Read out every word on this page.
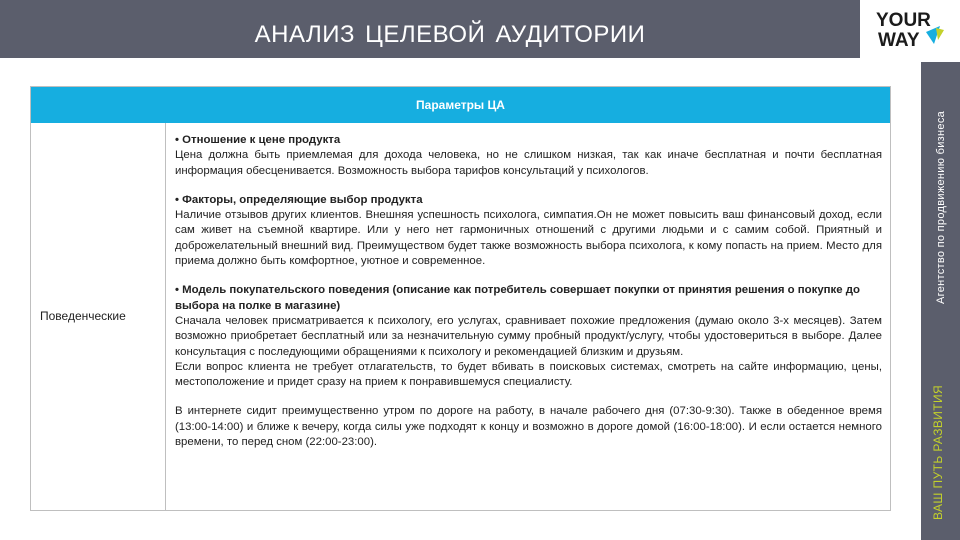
АНАЛИЗ ЦЕЛЕВОЙ АУДИТОРИИ
YOUR
WAY
ВАШ ПУТЬ РАЗВИТИЯ
Агентство по продвижению бизнеса
Параметры ЦА
Поведенческие
• Отношение к цене продукта
Цена должна быть приемлемая для дохода человека, но не слишком низкая, так как иначе бесплатная и почти бесплатная информация обесценивается. Возможность выбора тарифов консультаций у психологов.
• Факторы, определяющие выбор продукта
Наличие отзывов других клиентов. Внешняя успешность психолога, симпатия.Он не может повысить ваш финансовый доход, если сам живет на съемной квартире. Или у него нет гармоничных отношений с другими людьми и с самим собой. Приятный и доброжелательный внешний вид. Преимуществом будет также возможность выбора психолога, к кому попасть на прием. Место для приема должно быть комфортное, уютное и современное.
• Модель покупательского поведения (описание как потребитель совершает покупки от принятия решения о покупке до выбора на полке в магазине)
Сначала человек присматривается к психологу, его услугах, сравнивает похожие предложения (думаю около 3-х месяцев). Затем возможно приобретает бесплатный или за незначительную сумму пробный продукт/услугу, чтобы удостовериться в выборе. Далее консультация с последующими обращениями к психологу и рекомендацией близким и друзьям.
Если вопрос клиента не требует отлагательств, то будет вбивать в поисковых системах, смотреть на сайте информацию, цены, местоположение и придет сразу на прием к понравившемуся специалисту.
В интернете сидит преимущественно утром по дороге на работу, в начале рабочего дня (07:30-9:30). Также в обеденное время (13:00-14:00) и ближе к вечеру, когда силы уже подходят к концу и возможно в дороге домой (16:00-18:00). И если остается немного времени, то перед сном (22:00-23:00).
